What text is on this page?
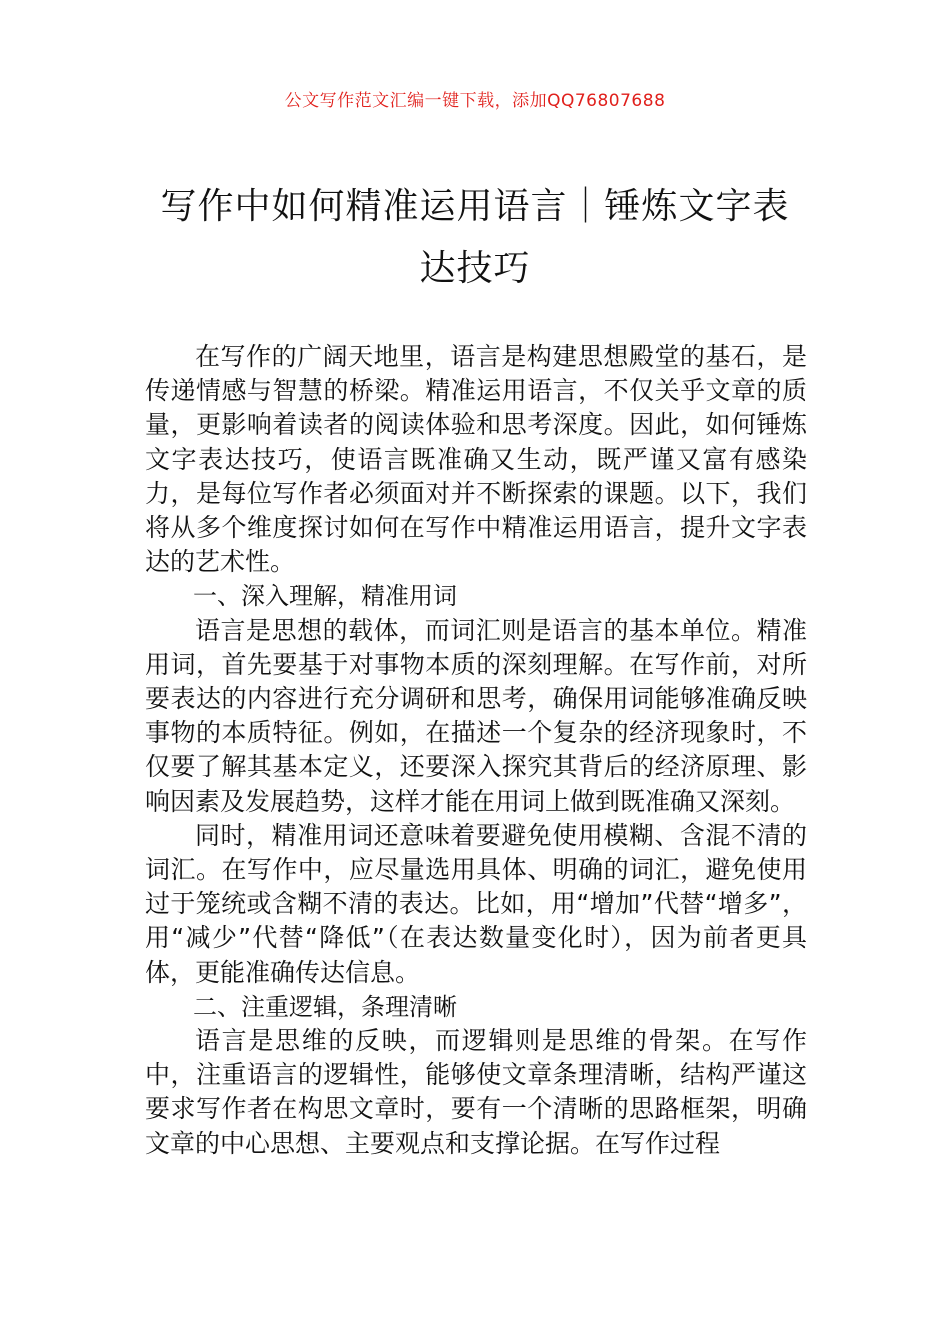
公文写作范文汇编一键下载，添加QQ76807688
写作中如何精准运用语言｜锤炼文字表达技巧

在写作的广阔天地里，语言是构建思想殿堂的基石，是传递情感与智慧的桥梁。精准运用语言，不仅关乎文章的质量，更影响着读者的阅读体验和思考深度。因此，如何锤炼文字表达技巧，使语言既准确又生动，既严谨又富有感染力，是每位写作者必须面对并不断探索的课题。以下，我们将从多个维度探讨如何在写作中精准运用语言，提升文字表达的艺术性。

一、深入理解，精准用词

语言是思想的载体，而词汇则是语言的基本单位。精准用词，首先要基于对事物本质的深刻理解。在写作前，对所要表达的内容进行充分调研和思考，确保用词能够准确反映事物的本质特征。例如，在描述一个复杂的经济现象时，不仅要了解其基本定义，还要深入探究其背后的经济原理、影响因素及发展趋势，这样才能在用词上做到既准确又深刻。

同时，精准用词还意味着要避免使用模糊、含混不清的词汇。在写作中，应尽量选用具体、明确的词汇，避免使用过于笼统或含糊不清的表达。比如，用“增加”代替“增多”，用“减少”代替“降低”（在表达数量变化时），因为前者更具体，更能准确传达信息。

二、注重逻辑，条理清晰

语言是思维的反映，而逻辑则是思维的骨架。在写作中，注重语言的逻辑性，能够使文章条理清晰，结构严谨这要求写作者在构思文章时，要有一个清晰的思路框架，明确文章的中心思想、主要观点和支撑论据。在写作过程
